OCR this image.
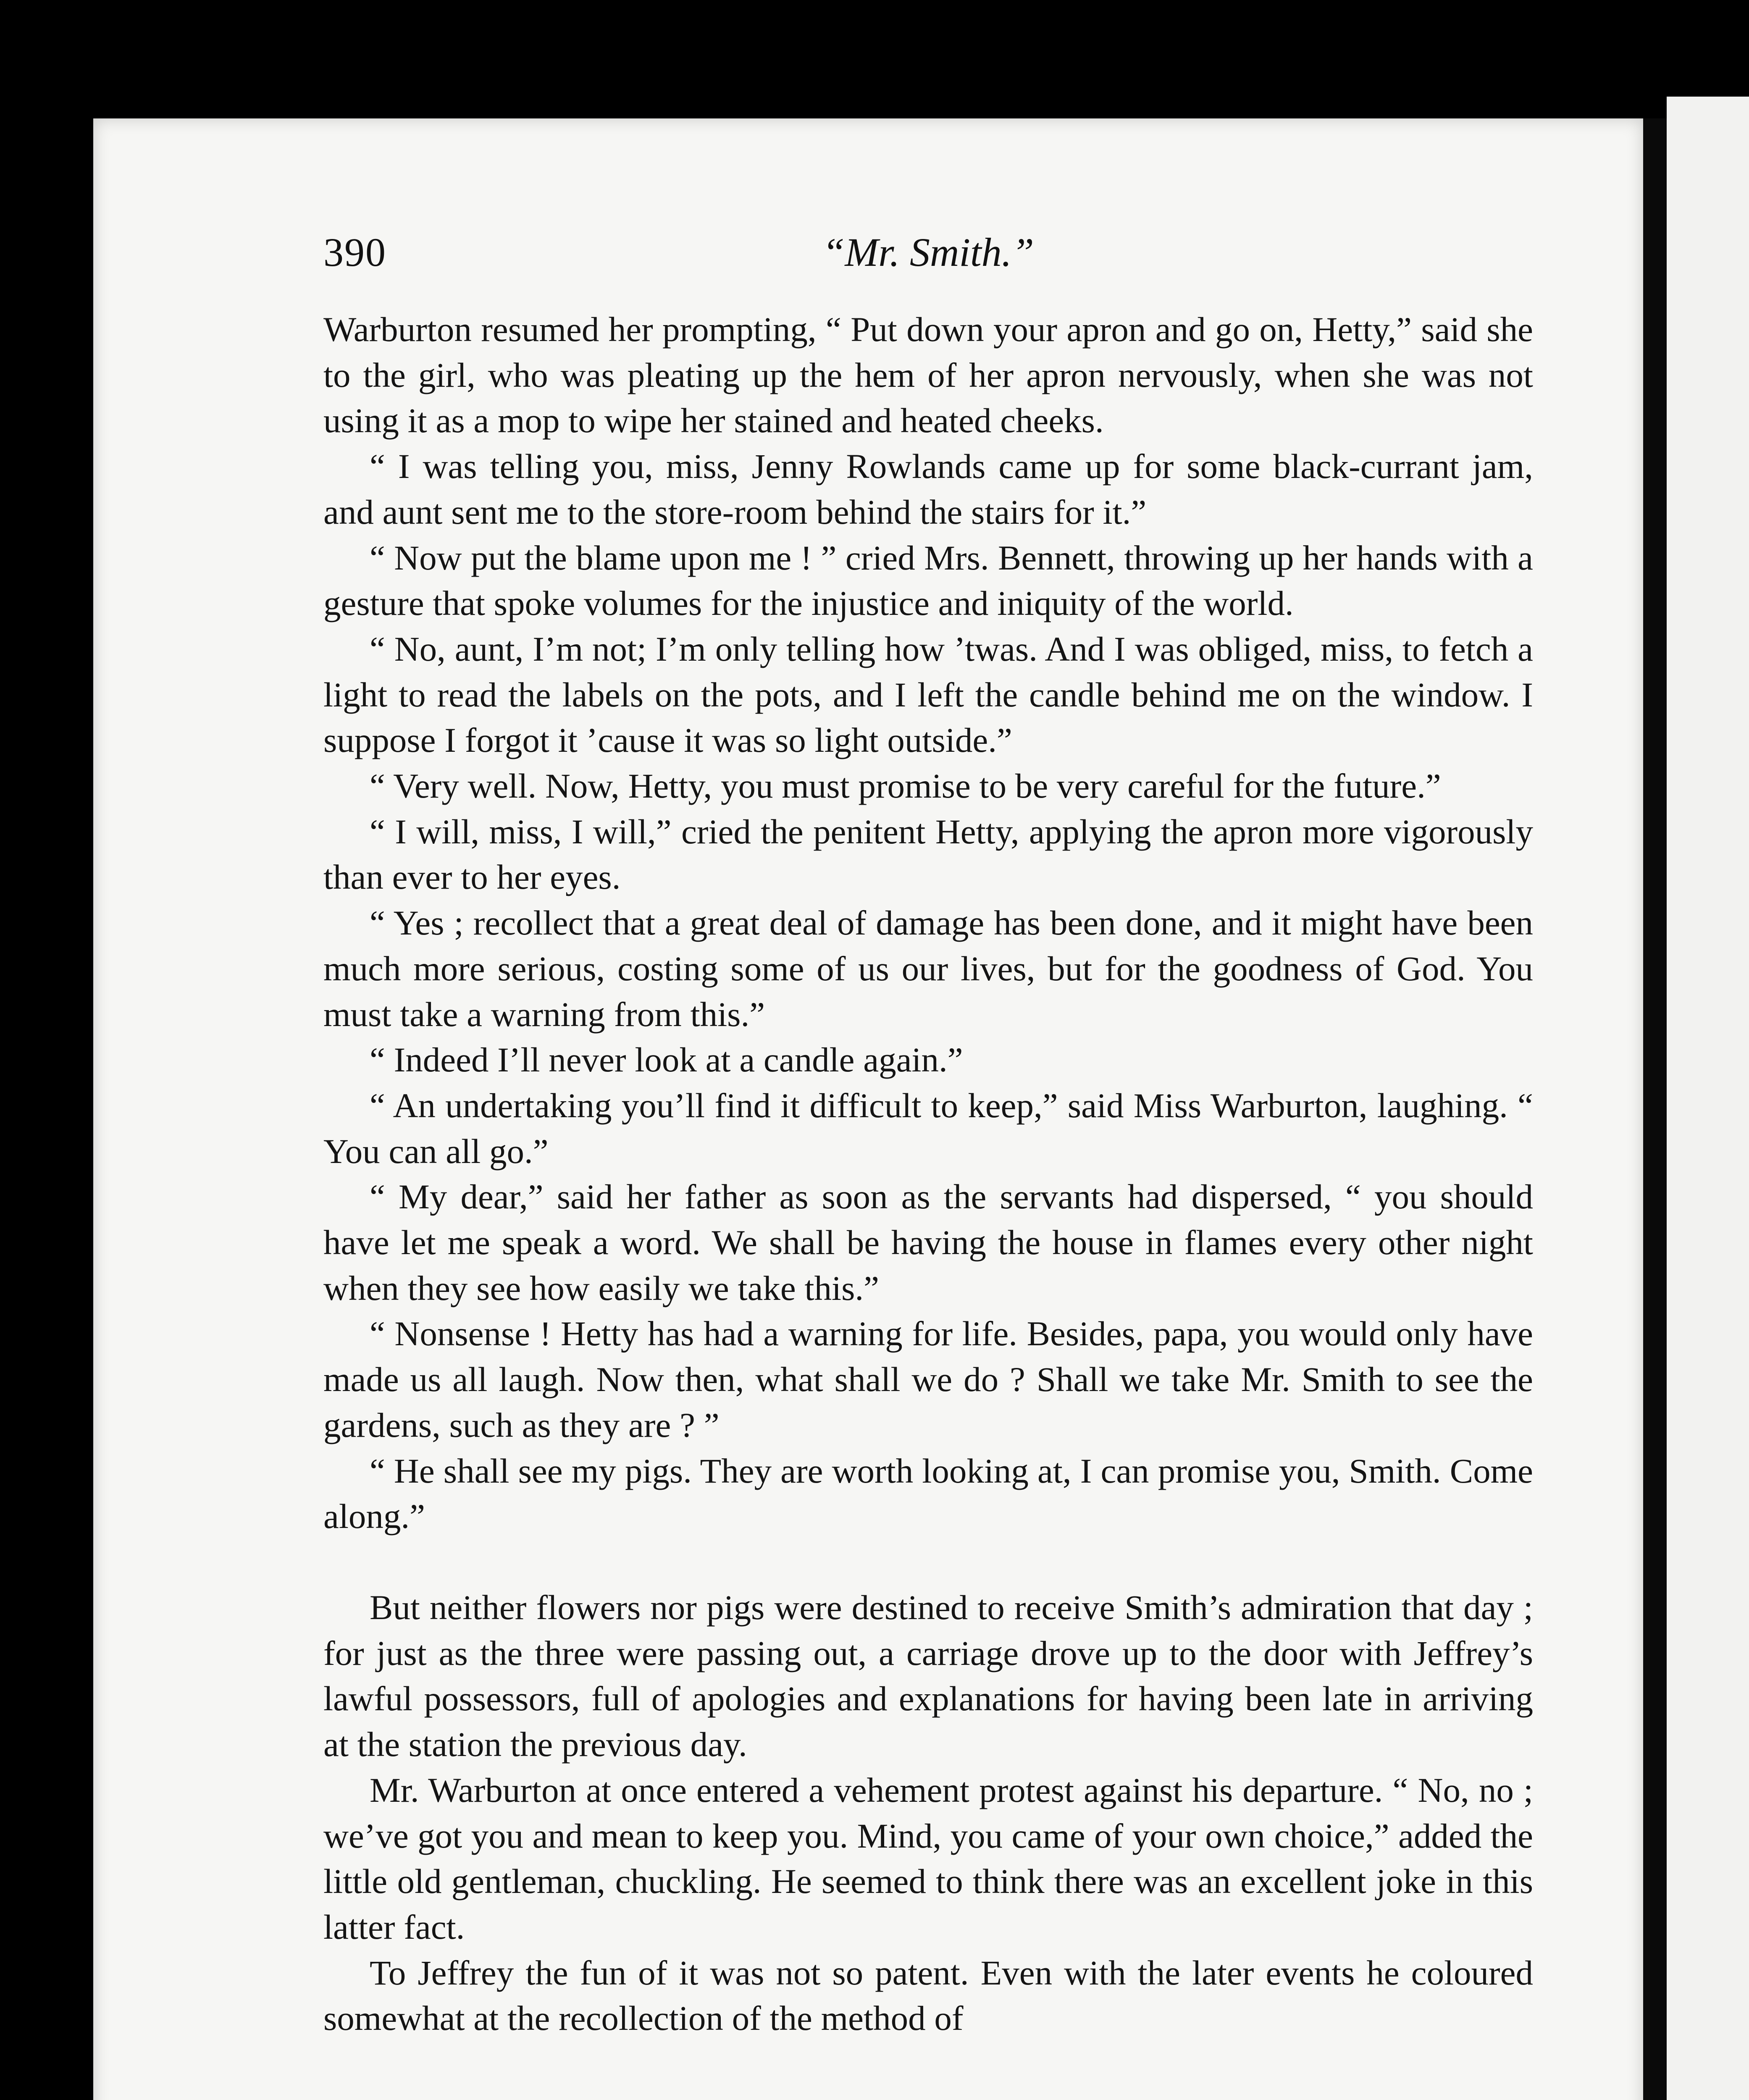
390	“Mr. Smith.”

Warburton resumed her prompting, “ Put down your apron and go on, Hetty,” said she to the girl, who was pleating up the hem of her apron nervously, when she was not using it as a mop to wipe her stained and heated cheeks.

“ I was telling you, miss, Jenny Rowlands came up for some black-currant jam, and aunt sent me to the store-room behind the stairs for it.”

“ Now put the blame upon me ! ” cried Mrs. Bennett, throwing up her hands with a gesture that spoke volumes for the injustice and iniquity of the world.

“ No, aunt, I’m not; I’m only telling how ’twas. And I was obliged, miss, to fetch a light to read the labels on the pots, and I left the candle behind me on the window. I suppose I forgot it ’cause it was so light outside.”

“ Very well. Now, Hetty, you must promise to be very careful for the future.”

“ I will, miss, I will,” cried the penitent Hetty, applying the apron more vigorously than ever to her eyes.

“ Yes ; recollect that a great deal of damage has been done, and it might have been much more serious, costing some of us our lives, but for the goodness of God. You must take a warning from this.”

“ Indeed I’ll never look at a candle again.”

“ An undertaking you’ll find it difficult to keep,” said Miss Warburton, laughing. “ You can all go.”

“ My dear,” said her father as soon as the servants had dispersed, “ you should have let me speak a word. We shall be having the house in flames every other night when they see how easily we take this.”

“ Nonsense ! Hetty has had a warning for life. Besides, papa, you would only have made us all laugh. Now then, what shall we do ? Shall we take Mr. Smith to see the gardens, such as they are ? ”

“ He shall see my pigs. They are worth looking at, I can promise you, Smith. Come along.”

But neither flowers nor pigs were destined to receive Smith’s admiration that day ; for just as the three were passing out, a carriage drove up to the door with Jeffrey’s lawful possessors, full of apologies and explanations for having been late in arriving at the station the previous day.

Mr. Warburton at once entered a vehement protest against his departure. “ No, no ; we’ve got you and mean to keep you. Mind, you came of your own choice,” added the little old gentleman, chuckling. He seemed to think there was an excellent joke in this latter fact.

To Jeffrey the fun of it was not so patent. Even with the later events he coloured somewhat at the recollection of the method of
